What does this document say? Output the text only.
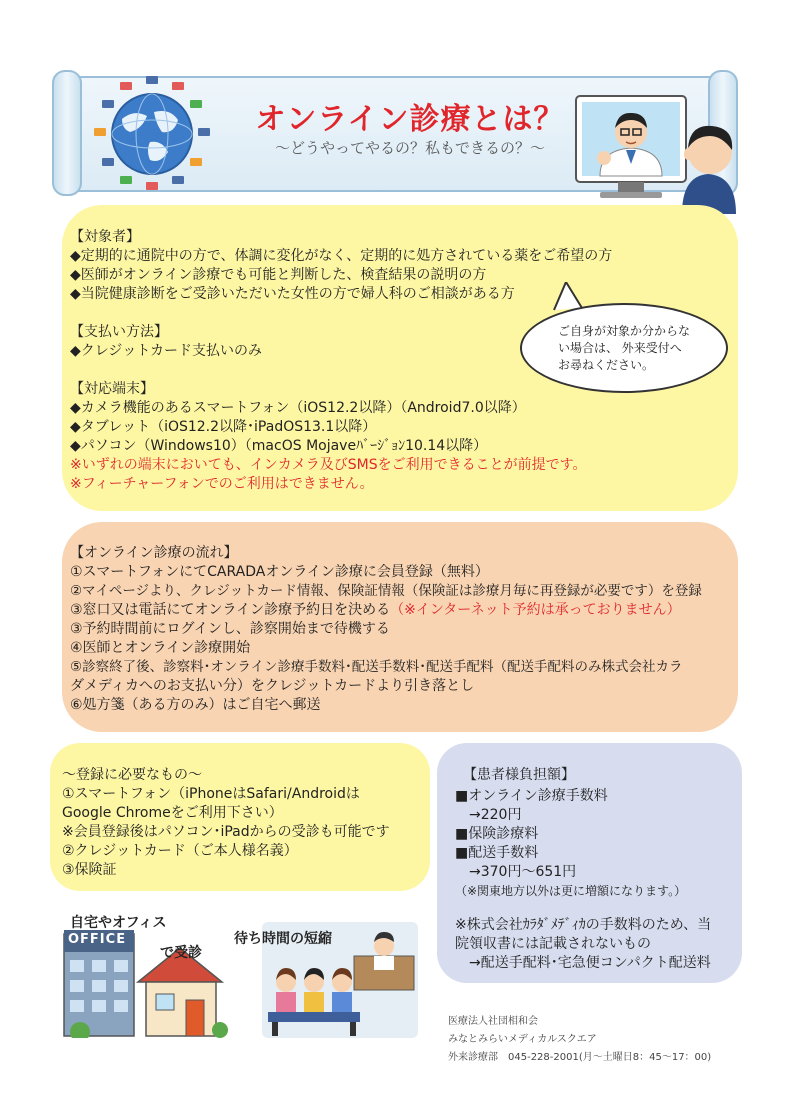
オンライン診療とは？
～どうやってやるの？私もできるの？～
【対象者】
◆定期的に通院中の方で、体調に変化がなく、定期的に処方されている薬をご希望の方
◆医師がオンライン診療でも可能と判断した、検査結果の説明の方
◆当院健康診断をご受診いただいた女性の方で婦人科のご相談がある方
【支払い方法】
◆クレジットカード支払いのみ
【対応端末】
◆カメラ機能のあるスマートフォン（iOS12.2以降）（Android7.0以降）
◆タブレット（iOS12.2以降･iPadOS13.1以降）
◆パソコン（Windows10）（macOS Mojaveﾊﾞｰｼﾞｮﾝ10.14以降）
※いずれの端末においても、インカメラ及びSMSをご利用できることが前提です。
※フィーチャーフォンでのご利用はできません。
ご自身が対象か分からな
い場合は、 外来受付へ
お尋ねください。
【オンライン診療の流れ】
①スマートフォンにてCARADAオンライン診療に会員登録（無料）
②マイページより、クレジットカード情報、保険証情報（保険証は診療月毎に再登録が必要です）を登録
③窓口又は電話にてオンライン診療予約日を決める（※インターネット予約は承っておりません）
③予約時間前にログインし、診察開始まで待機する
④医師とオンライン診療開始
⑤診察終了後、診察料･オンライン診療手数料･配送手数料･配送手配料（配送手配料のみ株式会社カラ
ダメディカへのお支払い分）をクレジットカードより引き落とし
⑥処方箋（ある方のみ）はご自宅へ郵送
～登録に必要なもの～
①スマートフォン（iPhoneはSafari/Androidは
Google Chromeをご利用下さい）
※会員登録後はパソコン･iPadからの受診も可能です
②クレジットカード（ご本人様名義）
③保険証
【患者様負担額】
■オンライン診療手数料
　→220円
■保険診療料
■配送手数料
　→370円～651円
（※関東地方以外は更に増額になります。）
※株式会社ｶﾗﾀﾞﾒﾃﾞｨｶの手数料のため、当
院領収書には記載されないもの
　→配送手配料･宅急便コンパクト配送料
OFFICE
自宅やオフィス
で受診
待ち時間の短縮
医療法人社団相和会
みなとみらいメディカルスクエア
外来診療部　045-228-2001(月～土曜日8：45～17：00)
